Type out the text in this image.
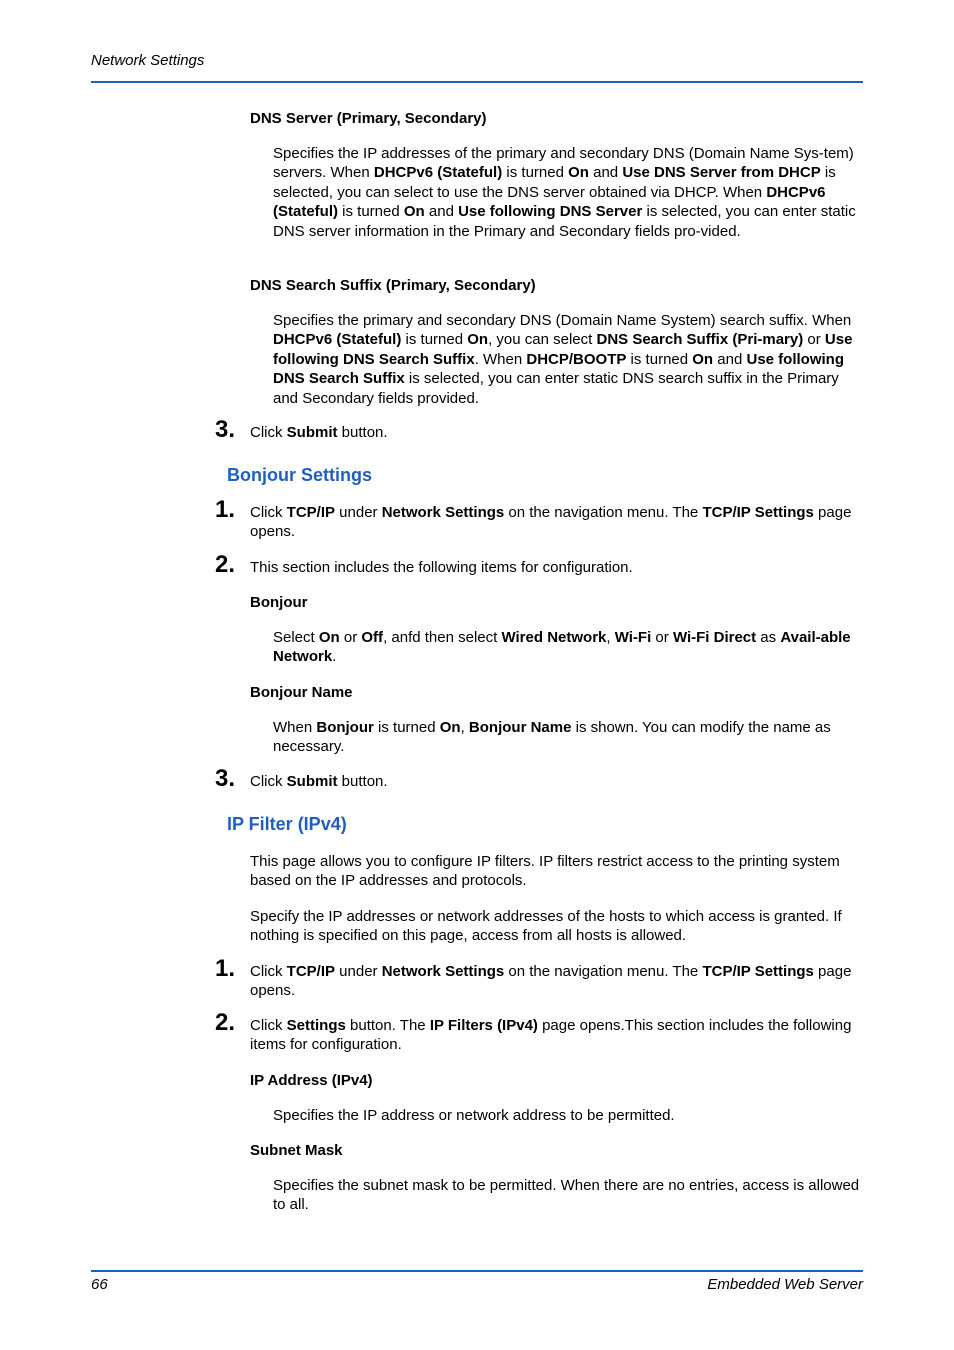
Network Settings
DNS Server (Primary, Secondary)
Specifies the IP addresses of the primary and secondary DNS (Domain Name Sys-tem) servers. When DHCPv6 (Stateful) is turned On and Use DNS Server from DHCP is selected, you can select to use the DNS server obtained via DHCP. When DHCPv6 (Stateful) is turned On and Use following DNS Server is selected, you can enter static DNS server information in the Primary and Secondary fields pro-vided.
DNS Search Suffix (Primary, Secondary)
Specifies the primary and secondary DNS (Domain Name System) search suffix. When DHCPv6 (Stateful) is turned On, you can select DNS Search Suffix (Pri-mary) or Use following DNS Search Suffix. When DHCP/BOOTP is turned On and Use following DNS Search Suffix is selected, you can enter static DNS search suffix in the Primary and Secondary fields provided.
3. Click Submit button.
Bonjour Settings
1. Click TCP/IP under Network Settings on the navigation menu. The TCP/IP Settings page opens.
2. This section includes the following items for configuration.
Bonjour
Select On or Off, anfd then select Wired Network, Wi-Fi or Wi-Fi Direct as Avail-able Network.
Bonjour Name
When Bonjour is turned On, Bonjour Name is shown. You can modify the name as necessary.
3. Click Submit button.
IP Filter (IPv4)
This page allows you to configure IP filters. IP filters restrict access to the printing system based on the IP addresses and protocols.
Specify the IP addresses or network addresses of the hosts to which access is granted. If nothing is specified on this page, access from all hosts is allowed.
1. Click TCP/IP under Network Settings on the navigation menu. The TCP/IP Settings page opens.
2. Click Settings button. The IP Filters (IPv4) page opens.This section includes the following items for configuration.
IP Address (IPv4)
Specifies the IP address or network address to be permitted.
Subnet Mask
Specifies the subnet mask to be permitted. When there are no entries, access is allowed to all.
66	Embedded Web Server
